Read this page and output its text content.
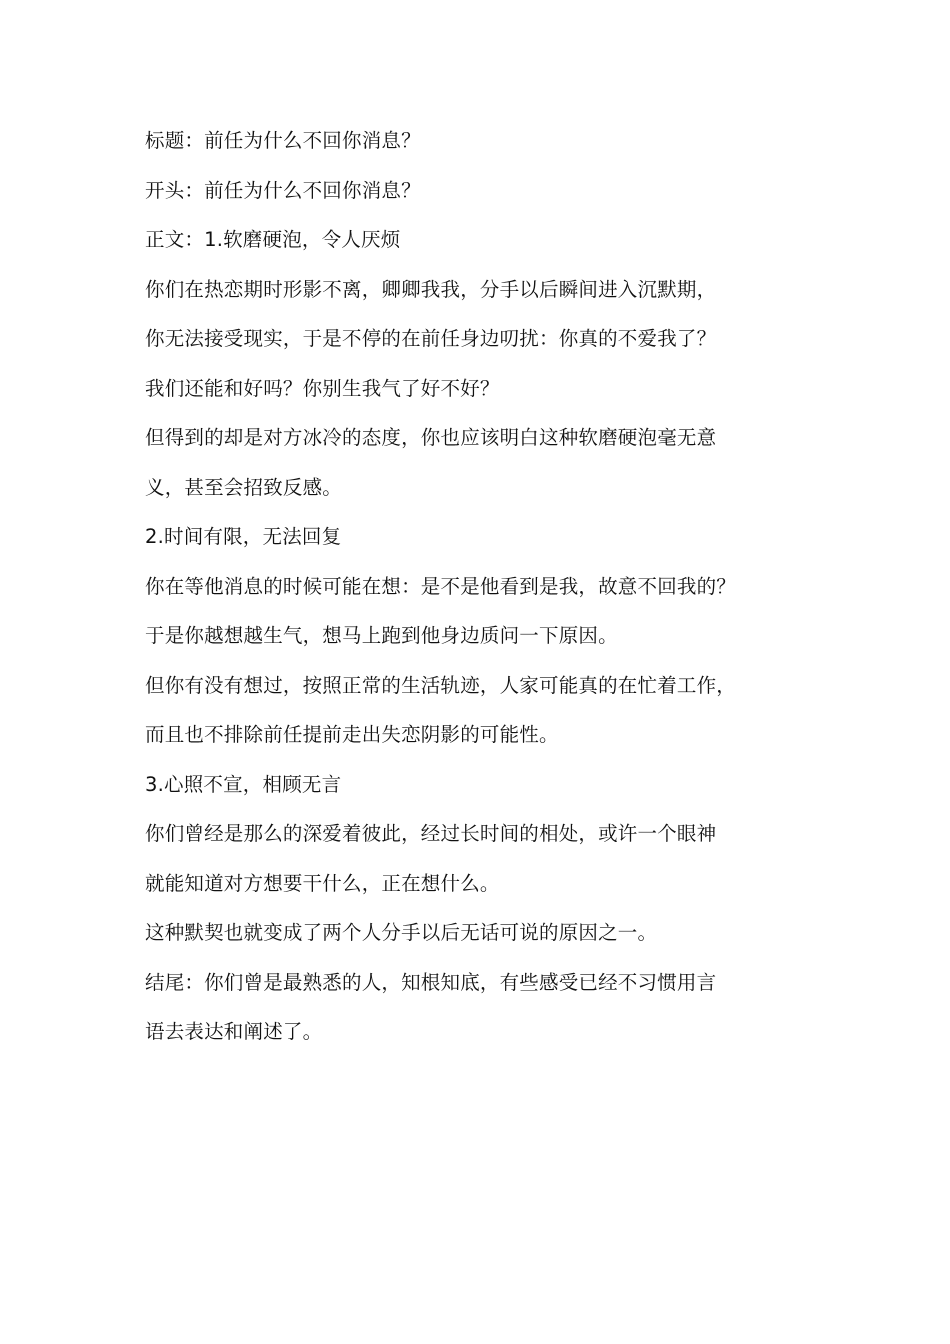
标题：前任为什么不回你消息？
开头：前任为什么不回你消息？
正文：1.软磨硬泡，令人厌烦
你们在热恋期时形影不离，卿卿我我，分手以后瞬间进入沉默期，
你无法接受现实，于是不停的在前任身边叨扰：你真的不爱我了？
我们还能和好吗？你别生我气了好不好？
但得到的却是对方冰冷的态度，你也应该明白这种软磨硬泡毫无意
义，甚至会招致反感。
2.时间有限，无法回复
你在等他消息的时候可能在想：是不是他看到是我，故意不回我的？
于是你越想越生气，想马上跑到他身边质问一下原因。
但你有没有想过，按照正常的生活轨迹，人家可能真的在忙着工作，
而且也不排除前任提前走出失恋阴影的可能性。
3.心照不宣，相顾无言
你们曾经是那么的深爱着彼此，经过长时间的相处，或许一个眼神
就能知道对方想要干什么，正在想什么。
这种默契也就变成了两个人分手以后无话可说的原因之一。
结尾：你们曾是最熟悉的人，知根知底，有些感受已经不习惯用言
语去表达和阐述了。
